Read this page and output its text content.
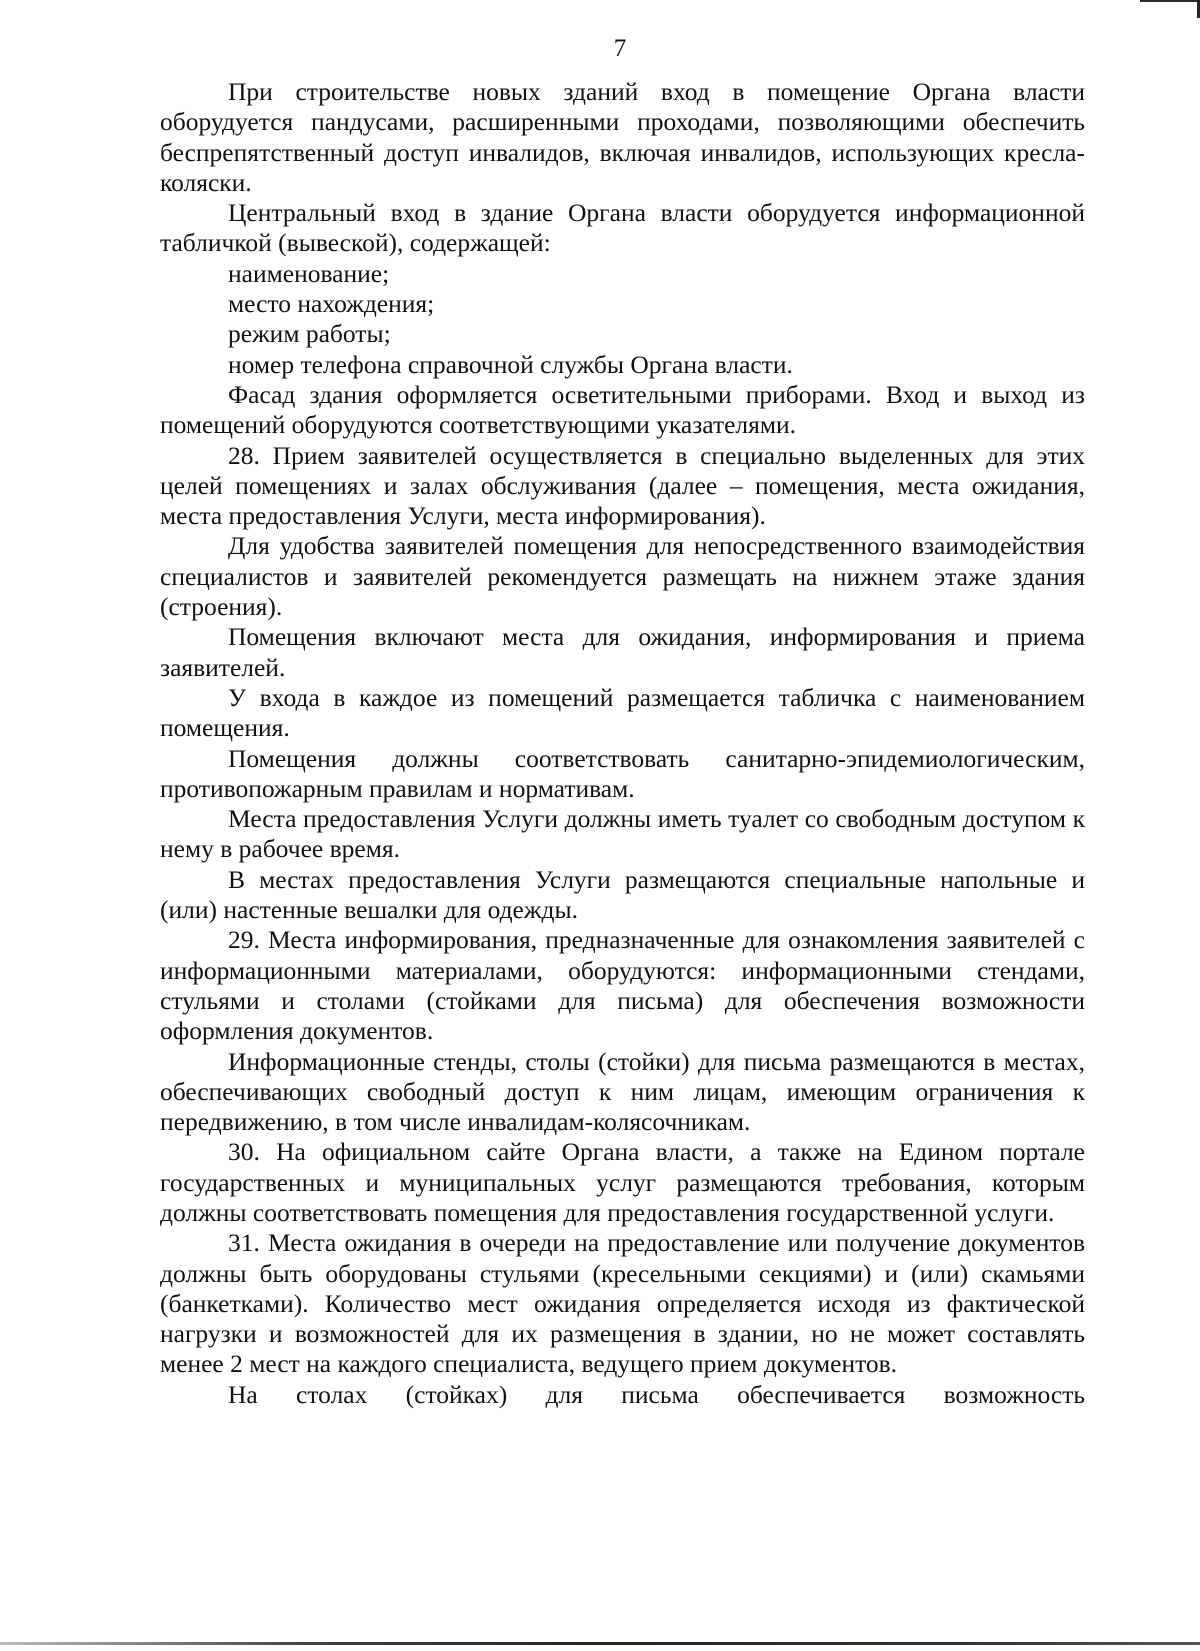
7

При строительстве новых зданий вход в помещение Органа власти оборудуется пандусами, расширенными проходами, позволяющими обеспечить беспрепятственный доступ инвалидов, включая инвалидов, использующих кресла-коляски.

Центральный вход в здание Органа власти оборудуется информационной табличкой (вывеской), содержащей:

наименование;

место нахождения;

режим работы;

номер телефона справочной службы Органа власти.

Фасад здания оформляется осветительными приборами. Вход и выход из помещений оборудуются соответствующими указателями.

28. Прием заявителей осуществляется в специально выделенных для этих целей помещениях и залах обслуживания (далее – помещения, места ожидания, места предоставления Услуги, места информирования).

Для удобства заявителей помещения для непосредственного взаимодействия специалистов и заявителей рекомендуется размещать на нижнем этаже здания (строения).

Помещения включают места для ожидания, информирования и приема заявителей.

У входа в каждое из помещений размещается табличка с наименованием помещения.

Помещения должны соответствовать санитарно-эпидемиологическим, противопожарным правилам и нормативам.

Места предоставления Услуги должны иметь туалет со свободным доступом к нему в рабочее время.

В местах предоставления Услуги размещаются специальные напольные и (или) настенные вешалки для одежды.

29. Места информирования, предназначенные для ознакомления заявителей с информационными материалами, оборудуются: информационными стендами, стульями и столами (стойками для письма) для обеспечения возможности оформления документов.

Информационные стенды, столы (стойки) для письма размещаются в местах, обеспечивающих свободный доступ к ним лицам, имеющим ограничения к передвижению, в том числе инвалидам-колясочникам.

30. На официальном сайте Органа власти, а также на Едином портале государственных и муниципальных услуг размещаются требования, которым должны соответствовать помещения для предоставления государственной услуги.

31. Места ожидания в очереди на предоставление или получение документов должны быть оборудованы стульями (кресельными секциями) и (или) скамьями (банкетками). Количество мест ожидания определяется исходя из фактической нагрузки и возможностей для их размещения в здании, но не может составлять менее 2 мест на каждого специалиста, ведущего прием документов.

На столах (стойках) для письма обеспечивается возможность
